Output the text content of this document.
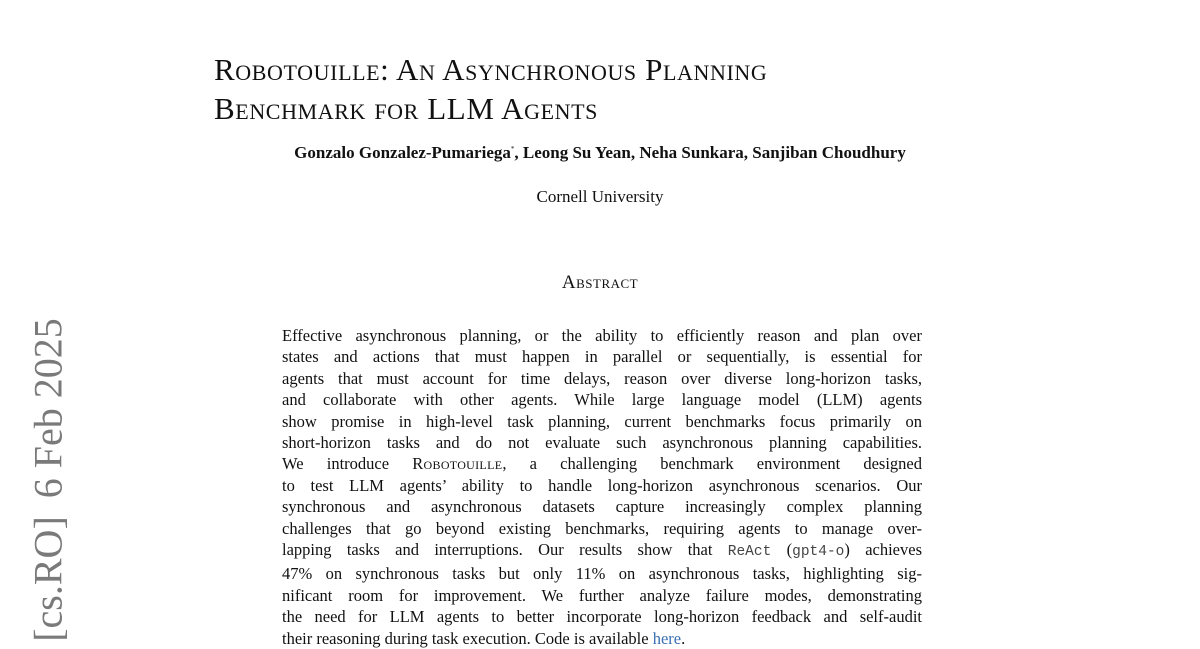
[cs.RO]6 Feb 2025
Robotouille: An Asynchronous Planning
Benchmark for LLM Agents
Gonzalo Gonzalez-Pumariega*, Leong Su Yean, Neha Sunkara, Sanjiban Choudhury
Cornell University
Abstract
Effective asynchronous planning, or the ability to efficiently reason and plan over
states and actions that must happen in parallel or sequentially, is essential for
agents that must account for time delays, reason over diverse long-horizon tasks,
and collaborate with other agents. While large language model (LLM) agents
show promise in high-level task planning, current benchmarks focus primarily on
short-horizon tasks and do not evaluate such asynchronous planning capabilities.
We introduce Robotouille, a challenging benchmark environment designed
to test LLM agents’ ability to handle long-horizon asynchronous scenarios. Our
synchronous and asynchronous datasets capture increasingly complex planning
challenges that go beyond existing benchmarks, requiring agents to manage over-
lapping tasks and interruptions. Our results show that ReAct (gpt4-o) achieves
47% on synchronous tasks but only 11% on asynchronous tasks, highlighting sig-
nificant room for improvement. We further analyze failure modes, demonstrating
the need for LLM agents to better incorporate long-horizon feedback and self-audit
their reasoning during task execution. Code is available here.
